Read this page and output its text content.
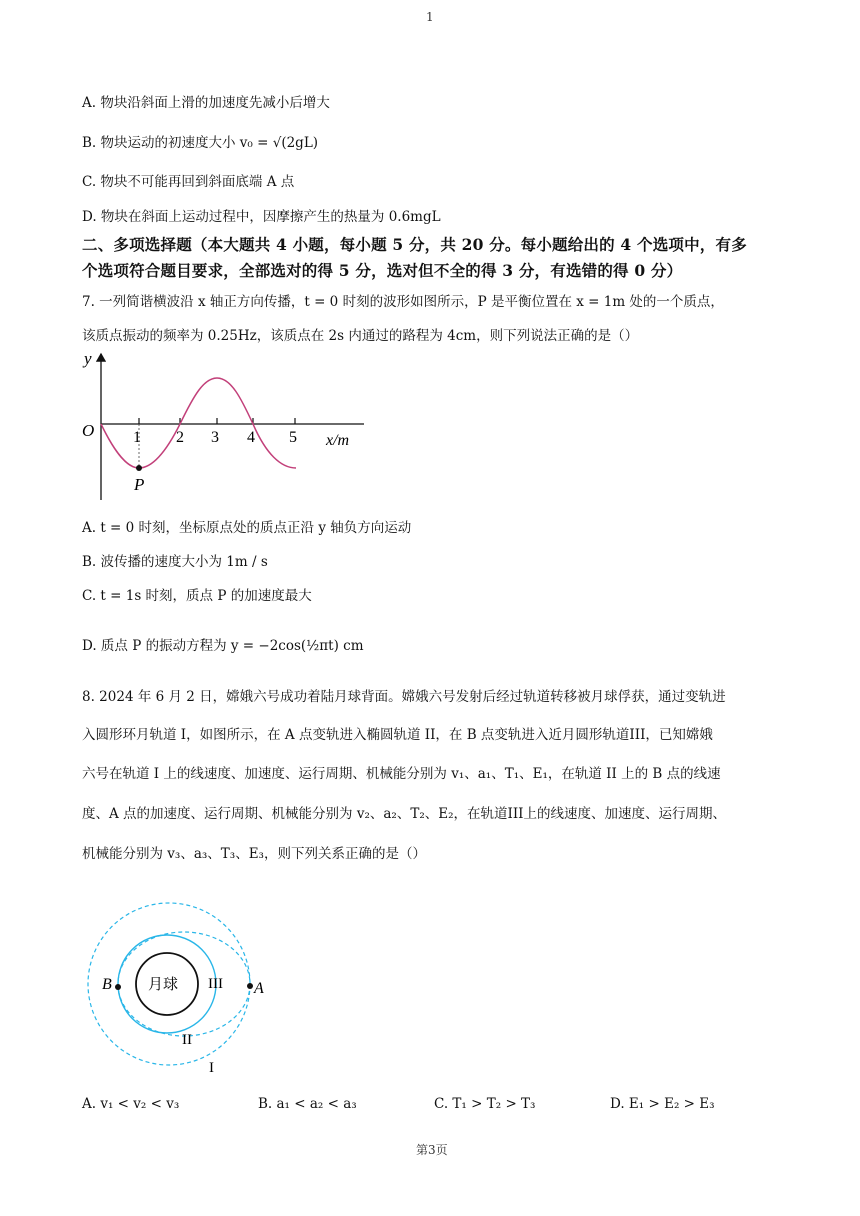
1
A. 物块沿斜面上滑的加速度先减小后增大
B. 物块运动的初速度大小 v₀ = √(2gL)
C. 物块不可能再回到斜面底端 A 点
D. 物块在斜面上运动过程中，因摩擦产生的热量为 0.6mgL
二、多项选择题（本大题共 4 小题，每小题 5 分，共 20 分。每小题给出的 4 个选项中，有多
个选项符合题目要求，全部选对的得 5 分，选对但不全的得 3 分，有选错的得 0 分）
7. 一列简谐横波沿 x 轴正方向传播，t = 0 时刻的波形如图所示，P 是平衡位置在 x = 1m 处的一个质点，
该质点振动的频率为 0.25Hz，该质点在 2s 内通过的路程为 4cm，则下列说法正确的是（）
y
O 1 2 3 4 5 x/m
P
A. t = 0 时刻，坐标原点处的质点正沿 y 轴负方向运动
B. 波传播的速度大小为 1m / s
C. t = 1s 时刻，质点 P 的加速度最大
D. 质点 P 的振动方程为 y = −2cos(½πt) cm
8. 2024 年 6 月 2 日，嫦娥六号成功着陆月球背面。嫦娥六号发射后经过轨道转移被月球俘获，通过变轨进
入圆形环月轨道 I，如图所示，在 A 点变轨进入椭圆轨道 II，在 B 点变轨进入近月圆形轨道III，已知嫦娥
六号在轨道 I 上的线速度、加速度、运行周期、机械能分别为 v₁、a₁、T₁、E₁，在轨道 II 上的 B 点的线速
度、A 点的加速度、运行周期、机械能分别为 v₂、a₂、T₂、E₂，在轨道III上的线速度、加速度、运行周期、
机械能分别为 v₃、a₃、T₃、E₃，则下列关系正确的是（）
月球	A
B	III
II
I
A. v₁ < v₂ < v₃	B. a₁ < a₂ < a₃	C. T₁ > T₂ > T₃	D. E₁ > E₂ > E₃
第3页
